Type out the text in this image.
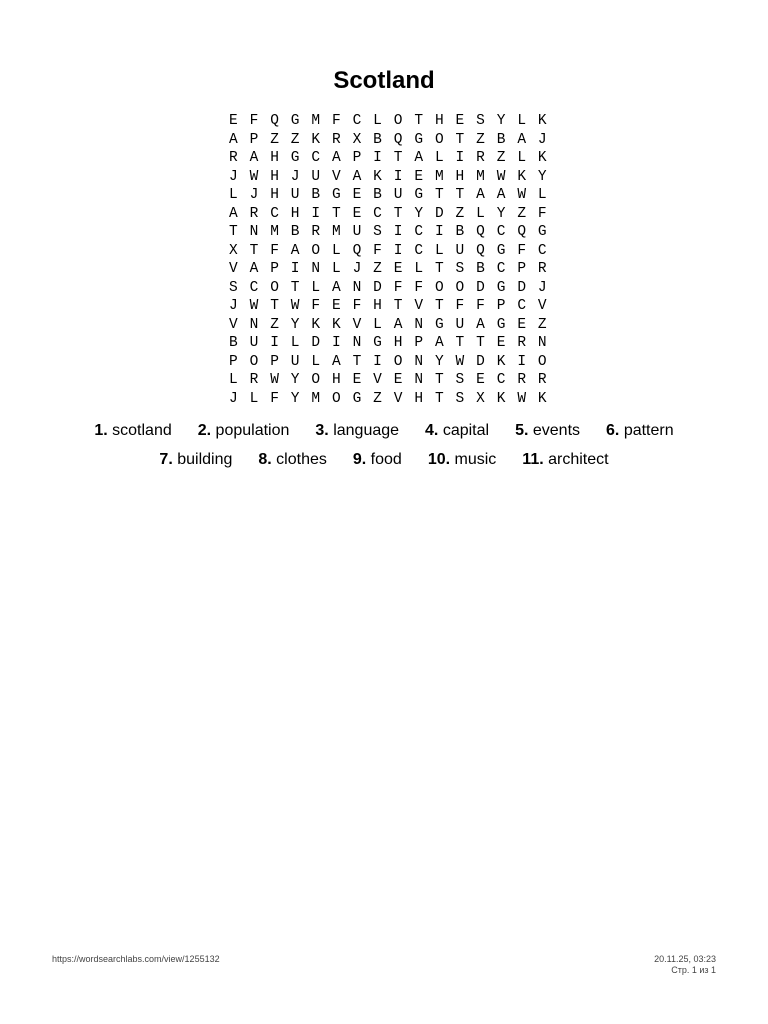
Scotland
E F Q G M F C L O T H E S Y L K
A P Z Z K R X B Q G O T Z B A J
R A H G C A P I T A L I R Z L K
J W H J U V A K I E M H M W K Y
L J H U B G E B U G T T A A W L
A R C H I T E C T Y D Z L Y Z F
T N M B R M U S I C I B Q C Q G
X T F A O L Q F I C L U Q G F C
V A P I N L J Z E L T S B C P R
S C O T L A N D F F O O D G D J
J W T W F E F H T V T F F P C V
V N Z Y K K V L A N G U A G E Z
B U I L D I N G H P A T T E R N
P O P U L A T I O N Y W D K I O
L R W Y O H E V E N T S E C R R
J L F Y M O G Z V H T S X K W K
1. scotland 2. population 3. language 4. capital 5. events 6. pattern
7. building 8. clothes 9. food 10. music 11. architect
https://wordsearchlabs.com/view/1255132	20.11.25, 03:23
Стр. 1 из 1
